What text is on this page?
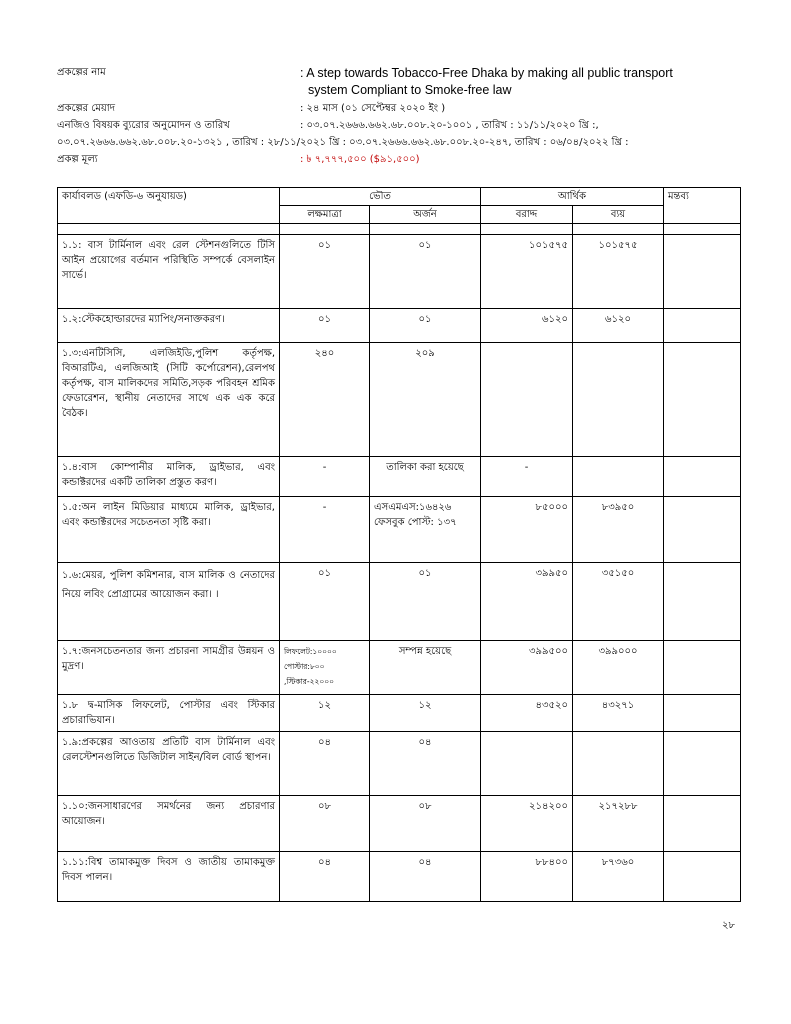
প্রকল্পের নাম	: A step towards Tobacco-Free Dhaka by making all public transport
system Compliant to Smoke-free law
প্রকল্পের মেয়াদ	: ২৪ মাস (০১ সেপ্টেম্বর ২০২০ ইং )
এনজিও বিষয়ক ব্যুরোর অনুমোদন ও তারিখ	: ০৩.০৭.২৬৬৬.৬৬২.৬৮.০০৮.২০-১০০১ , তারিখ : ১১/১১/২০২০ খ্রি :,
০৩.০৭.২৬৬৬.৬৬২.৬৮.০০৮.২০-১৩২১ , তারিখ : ২৮/১১/২০২১ খ্রি : ০৩.০৭.২৬৬৬.৬৬২.৬৮.০০৮.২০-২৪৭, তারিখ : ০৬/০৪/২০২২ খ্রি :
প্রকল্প মূল্য	: ৳ ৭,৭৭৭,৫০০ ($৯১,৫০০)
কার্যাবলড (এফডি-৬ অনুযায়ড)	ভৌত		আর্থিক		মন্তব্য
	লক্ষমাত্রা	অর্জন	বরাদ্দ	ব্যয়	

১.১: বাস টার্মিনাল এবং রেল স্টেশনগুলিতে টিসি আইন প্রয়োগের বর্তমান পরিস্থিতি সম্পর্কে বেসলাইন সার্ভে।	০১	০১	১০১৫৭৫	১০১৫৭৫	
১.২:স্টেকহোল্ডারদের ম্যাপিং/সনাক্তকরণ।	০১	০১	৬১২০	৬১২০	
১.৩:এনটিসিসি, এলজিইডি,পুলিশ কর্তৃপক্ষ, বিআরটিএ, এলজিআই (সিটি কর্পোরেশন),রেলপথ কর্তৃপক্ষ, বাস মালিকদের সমিতি,সড়ক পরিবহন শ্রমিক ফেডারেশন, স্থানীয় নেতাদের সাথে এক এক করে বৈঠক।	২৪০	২০৯			
১.৪:বাস কোম্পানীর মালিক, ড্রাইভার, এবং কন্ডাক্টরদের একটি তালিকা প্রস্তুত করণ।	-	তালিকা করা হয়েছে	-		
১.৫:অন লাইন মিডিয়ার মাধ্যমে মালিক, ড্রাইভার, এবং কন্ডাক্টরদের সচেতনতা সৃষ্টি করা।	-	এসএমএস:১৬৪২৬ ফেসবুক পোস্ট: ১৩৭	৮৫০০০	৮৩৯৫০	
১.৬:মেয়র, পুলিশ কমিশনার, বাস মালিক ও নেতাদের নিয়ে লবিং প্রোগ্রামের আয়োজন করা। ।	০১	০১	৩৯৯৫০	৩৫১৫০	
১.৭:জনসচেতনতার জন্য প্রচারনা সামগ্রীর উন্নয়ন ও মুদ্রণ।	লিফলেট:১০০০০ পোস্টার:৮০০ ,স্টিকার-২২০০০	সম্পন্ন হয়েছে	৩৯৯৫০০	৩৯৯০০০	
১.৮ দ্ব-মাসিক লিফলেট, পোস্টার এবং স্টিকার প্রচারাভিযান।	১২	১২	৪৩৫২০	৪৩২৭১	
১.৯:প্রকল্পের আওতায় প্রতিটি বাস টার্মিনাল এবং রেলস্টেশনগুলিতে ডিজিটাল সাইন/বিল বোর্ড স্থাপন।	০৪	০৪			
১.১০:জনসাধারণের সমর্থনের জন্য প্রচারণার আয়োজন।	০৮	০৮	২১৪২০০	২১৭২৮৮	
১.১১:বিশ্ব তামাকমুক্ত দিবস ও জাতীয় তামাকমুক্ত দিবস পালন।	০৪	০৪	৮৮৪০০	৮৭৩৬০	
২৮
